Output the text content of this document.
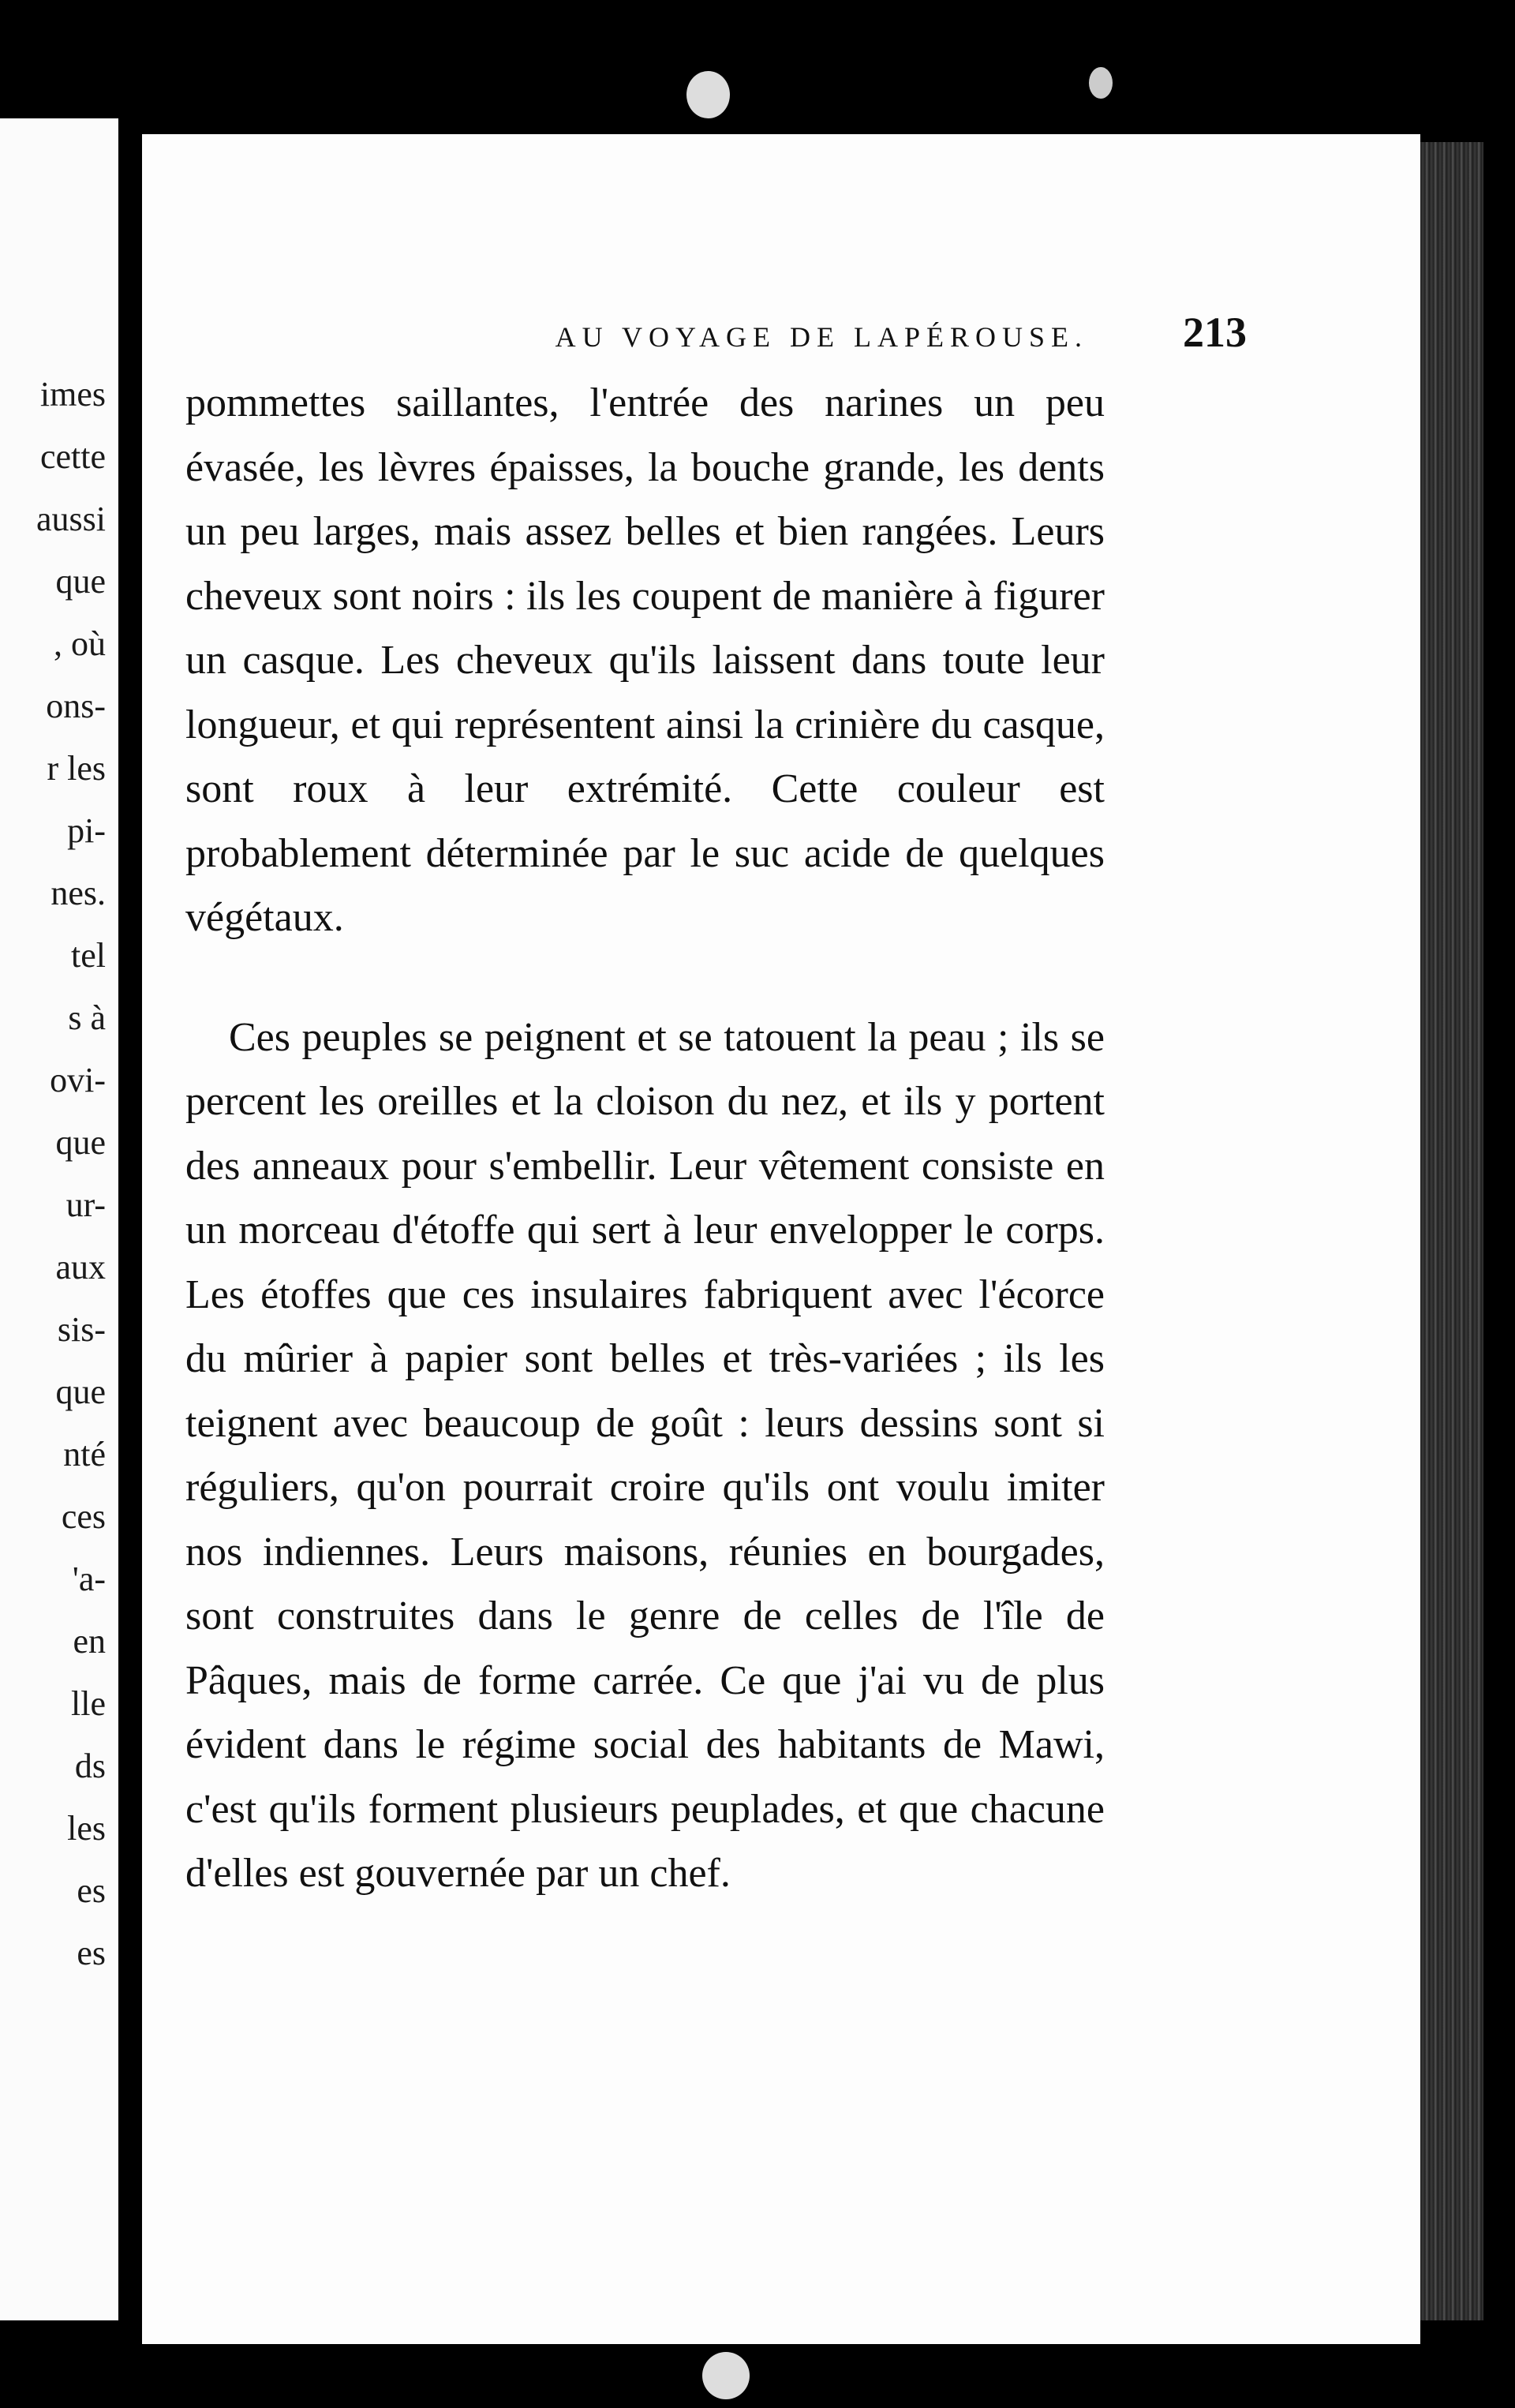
imes
cette
aussi
que
, où
ons-
r les
pi-
nes.
tel
s à
ovi-
que
ur-
aux
sis-
que
nté
ces
'a-
en
lle
ds
les
es
es
AU VOYAGE DE LAPÉROUSE. 213

pommettes saillantes, l'entrée des narines un peu évasée, les lèvres épaisses, la bouche grande, les dents un peu larges, mais assez belles et bien rangées. Leurs cheveux sont noirs : ils les coupent de manière à figurer un casque. Les cheveux qu'ils laissent dans toute leur longueur, et qui représentent ainsi la crinière du casque, sont roux à leur extrémité. Cette couleur est probablement déterminée par le suc acide de quelques végétaux.

Ces peuples se peignent et se tatouent la peau ; ils se percent les oreilles et la cloison du nez, et ils y portent des anneaux pour s'embellir. Leur vêtement consiste en un morceau d'étoffe qui sert à leur envelopper le corps. Les étoffes que ces insulaires fabriquent avec l'écorce du mûrier à papier sont belles et très-variées ; ils les teignent avec beaucoup de goût : leurs dessins sont si réguliers, qu'on pourrait croire qu'ils ont voulu imiter nos indiennes. Leurs maisons, réunies en bourgades, sont construites dans le genre de celles de l'île de Pâques, mais de forme carrée. Ce que j'ai vu de plus évident dans le régime social des habitants de Mawi, c'est qu'ils forment plusieurs peuplades, et que chacune d'elles est gouvernée par un chef.
